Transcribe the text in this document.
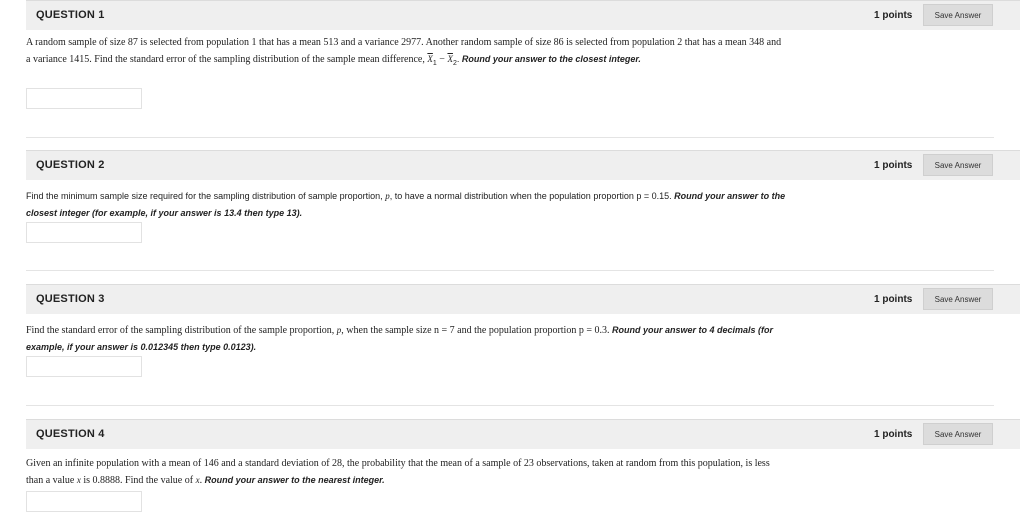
QUESTION 1	1 points	Save Answer
A random sample of size 87 is selected from population 1 that has a mean 513 and a variance 2977. Another random sample of size 86 is selected from population 2 that has a mean 348 and a variance 1415. Find the standard error of the sampling distribution of the sample mean difference, $\overline{X}_1 - \overline{X}_2$. Round your answer to the closest integer.
QUESTION 2	1 points	Save Answer
Find the minimum sample size required for the sampling distribution of sample proportion, p, to have a normal distribution when the population proportion p = 0.15. Round your answer to the closest integer (for example, if your answer is 13.4 then type 13).
QUESTION 3	1 points	Save Answer
Find the standard error of the sampling distribution of the sample proportion, p, when the sample size n = 7 and the population proportion p = 0.3. Round your answer to 4 decimals (for example, if your answer is 0.012345 then type 0.0123).
QUESTION 4	1 points	Save Answer
Given an infinite population with a mean of 146 and a standard deviation of 28, the probability that the mean of a sample of 23 observations, taken at random from this population, is less than a value x is 0.8888. Find the value of x. Round your answer to the nearest integer.
